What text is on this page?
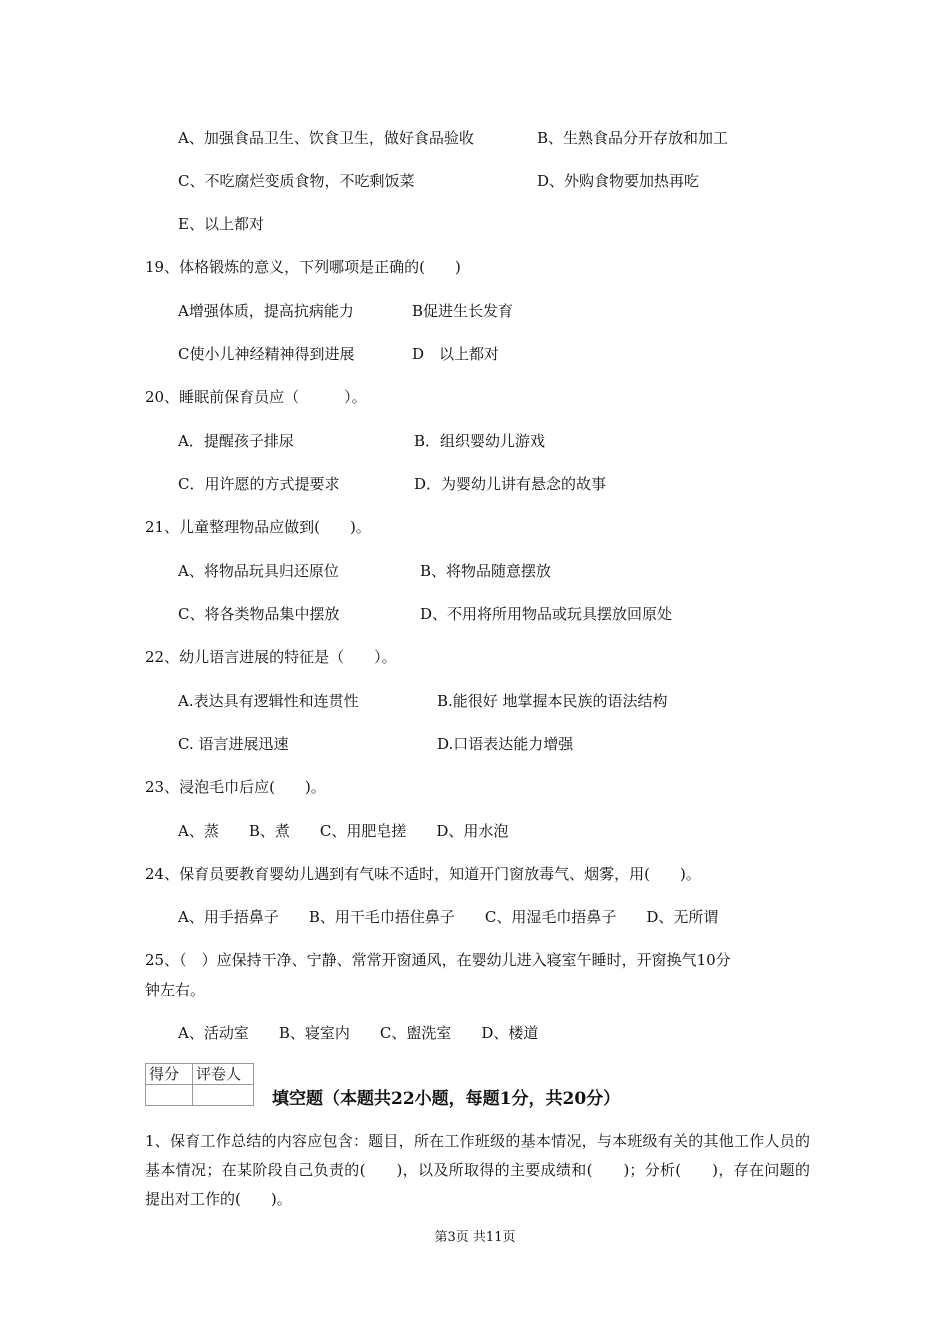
A、加强食品卫生、饮食卫生，做好食品验收	B、生熟食品分开存放和加工
C、不吃腐烂变质食物，不吃剩饭菜	D、外购食物要加热再吃
E、以上都对
19、体格锻炼的意义，下列哪项是正确的(　　)
A增强体质，提高抗病能力	B促进生长发育
C使小儿神经精神得到进展	D　以上都对
20、睡眠前保育员应（　　　）。
A．提醒孩子排尿	B．组织婴幼儿游戏
C．用许愿的方式提要求	D．为婴幼儿讲有悬念的故事
21、儿童整理物品应做到(　　)。
A、将物品玩具归还原位	B、将物品随意摆放
C、将各类物品集中摆放	D、不用将所用物品或玩具摆放回原处
22、幼儿语言进展的特征是（　　）。
A.表达具有逻辑性和连贯性	B.能很好 地掌握本民族的语法结构
C. 语言进展迅速	D.口语表达能力增强
23、浸泡毛巾后应(　　)。
A、蒸　　B、煮　　C、用肥皂搓　　D、用水泡
24、保育员要教育婴幼儿遇到有气味不适时，知道开门窗放毒气、烟雾，用(　　)。
A、用手捂鼻子　　B、用干毛巾捂住鼻子　　C、用湿毛巾捂鼻子　　D、无所谓
25、（　）应保持干净、宁静、常常开窗通风，在婴幼儿进入寝室午睡时，开窗换气10分
钟左右。
A、活动室　　B、寝室内　　C、盥洗室　　D、楼道
得分	评卷人

填空题（本题共22小题，每题1分，共20分）
1、保育工作总结的内容应包含：题目，所在工作班级的基本情况，与本班级有关的其他工作人员的基本情况；在某阶段自己负责的(　　)，以及所取得的主要成绩和(　　)；分析(　　)，存在问题的提出对工作的(　　)。
第3页 共11页
